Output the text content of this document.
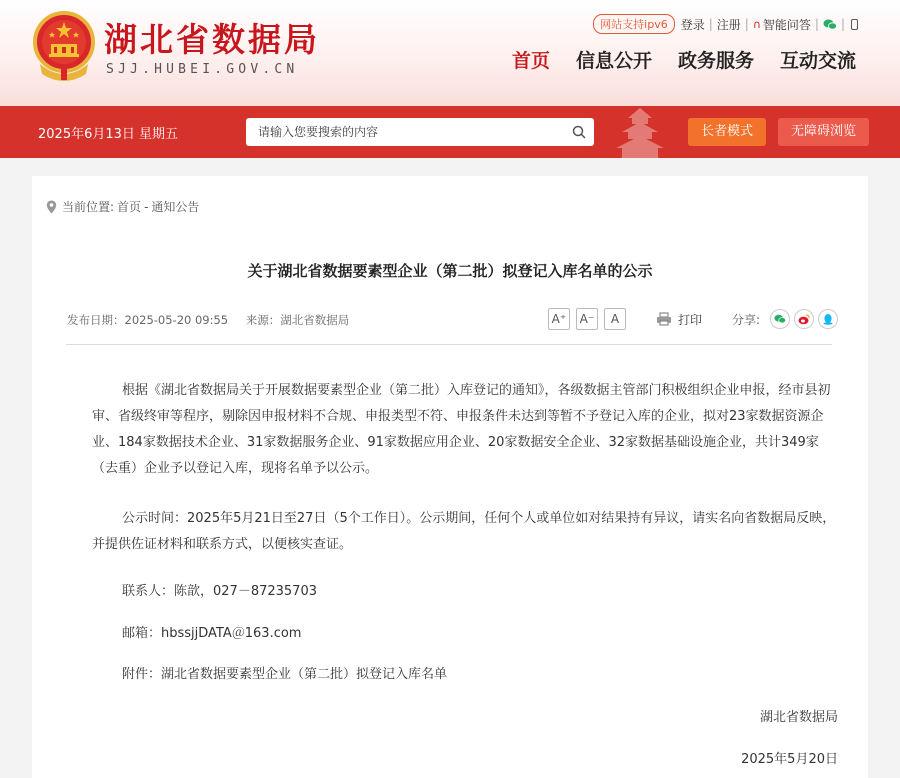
湖北省数据局
SJJ.HUBEI.GOV.CN
网站支持ipv6	登录 | 注册 | ∩ 智能问答 | |
首页 信息公开 政务服务 互动交流
2025年6月13日 星期五
请输入您要搜索的内容	长者模式	无障碍浏览
当前位置: 首页 - 通知公告
关于湖北省数据要素型企业（第二批）拟登记入库名单的公示
发布日期：2025-05-20 09:55 来源：湖北省数据局	A⁺	A⁻	A	打印	分享:

根据《湖北省数据局关于开展数据要素型企业（第二批）入库登记的通知》，各级数据主管部门积极组织企业申报，经市县初审、省级终审等程序，剔除因申报材料不合规、申报类型不符、申报条件未达到等暂不予登记入库的企业，拟对23家数据资源企业、184家数据技术企业、31家数据服务企业、91家数据应用企业、20家数据安全企业、32家数据基础设施企业，共计349家（去重）企业予以登记入库，现将名单予以公示。

公示时间：2025年5月21日至27日（5个工作日）。公示期间，任何个人或单位如对结果持有异议，请实名向省数据局反映，并提供佐证材料和联系方式，以便核实查证。

联系人：陈歆，027－87235703
邮箱：hbssjjDATA＠163.com
附件：湖北省数据要素型企业（第二批）拟登记入库名单
湖北省数据局
2025年5月20日
